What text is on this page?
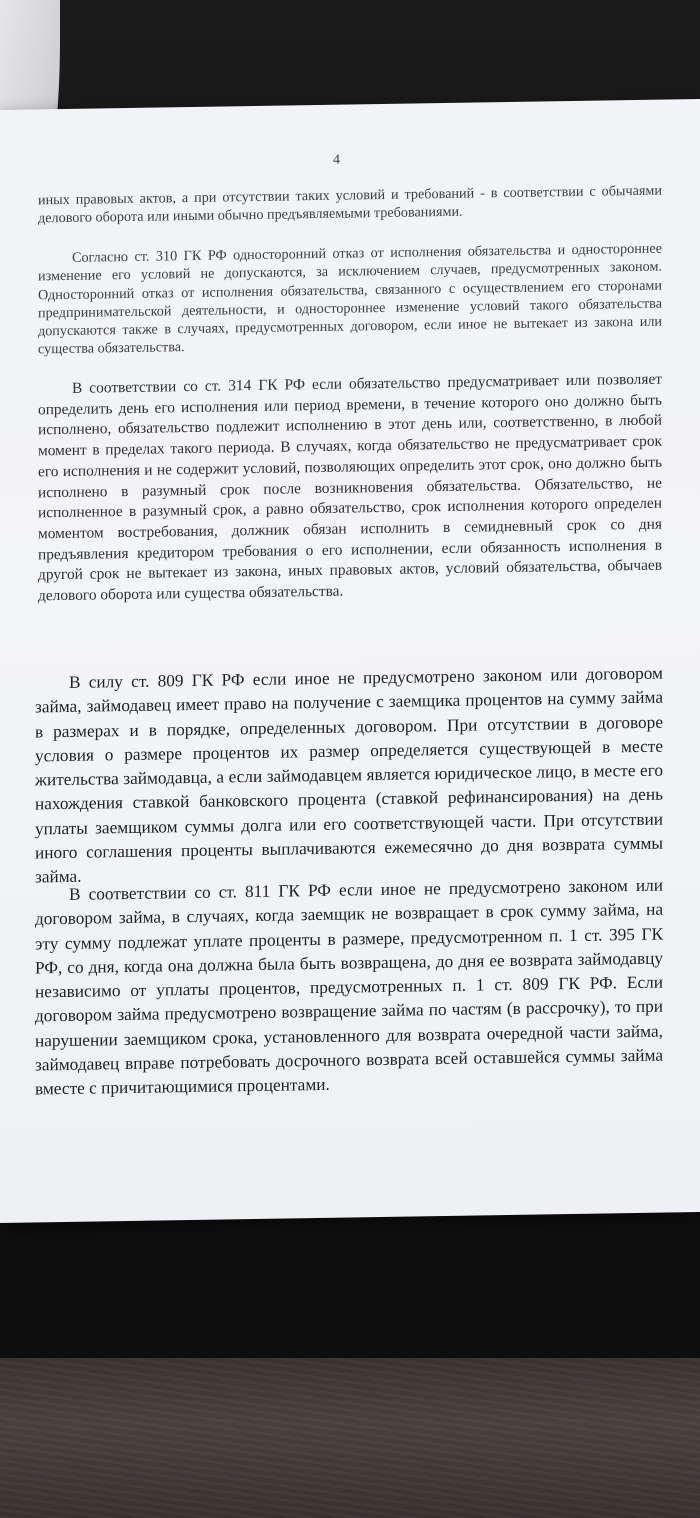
4

иных правовых актов, а при отсутствии таких условий и требований - в соответствии с обычаями делового оборота или иными обычно предъявляемыми требованиями.

Согласно ст. 310 ГК РФ односторонний отказ от исполнения обязательства и одностороннее изменение его условий не допускаются, за исключением случаев, предусмотренных законом. Односторонний отказ от исполнения обязательства, связанного с осуществлением его сторонами предпринимательской деятельности, и одностороннее изменение условий такого обязательства допускаются также в случаях, предусмотренных договором, если иное не вытекает из закона или существа обязательства.

В соответствии со ст. 314 ГК РФ если обязательство предусматривает или позволяет определить день его исполнения или период времени, в течение которого оно должно быть исполнено, обязательство подлежит исполнению в этот день или, соответственно, в любой момент в пределах такого периода. В случаях, когда обязательство не предусматривает срок его исполнения и не содержит условий, позволяющих определить этот срок, оно должно быть исполнено в разумный срок после возникновения обязательства. Обязательство, не исполненное в разумный срок, а равно обязательство, срок исполнения которого определен моментом востребования, должник обязан исполнить в семидневный срок со дня предъявления кредитором требования о его исполнении, если обязанность исполнения в другой срок не вытекает из закона, иных правовых актов, условий обязательства, обычаев делового оборота или существа обязательства.

В силу ст. 809 ГК РФ если иное не предусмотрено законом или договором займа, займодавец имеет право на получение с заемщика процентов на сумму займа в размерах и в порядке, определенных договором. При отсутствии в договоре условия о размере процентов их размер определяется существующей в месте жительства займодавца, а если займодавцем является юридическое лицо, в месте его нахождения ставкой банковского процента (ставкой рефинансирования) на день уплаты заемщиком суммы долга или его соответствующей части. При отсутствии иного соглашения проценты выплачиваются ежемесячно до дня возврата суммы займа.

В соответствии со ст. 811 ГК РФ если иное не предусмотрено законом или договором займа, в случаях, когда заемщик не возвращает в срок сумму займа, на эту сумму подлежат уплате проценты в размере, предусмотренном п. 1 ст. 395 ГК РФ, со дня, когда она должна была быть возвращена, до дня ее возврата займодавцу независимо от уплаты процентов, предусмотренных п. 1 ст. 809 ГК РФ. Если договором займа предусмотрено возвращение займа по частям (в рассрочку), то при нарушении заемщиком срока, установленного для возврата очередной части займа, займодавец вправе потребовать досрочного возврата всей оставшейся суммы займа вместе с причитающимися процентами.
